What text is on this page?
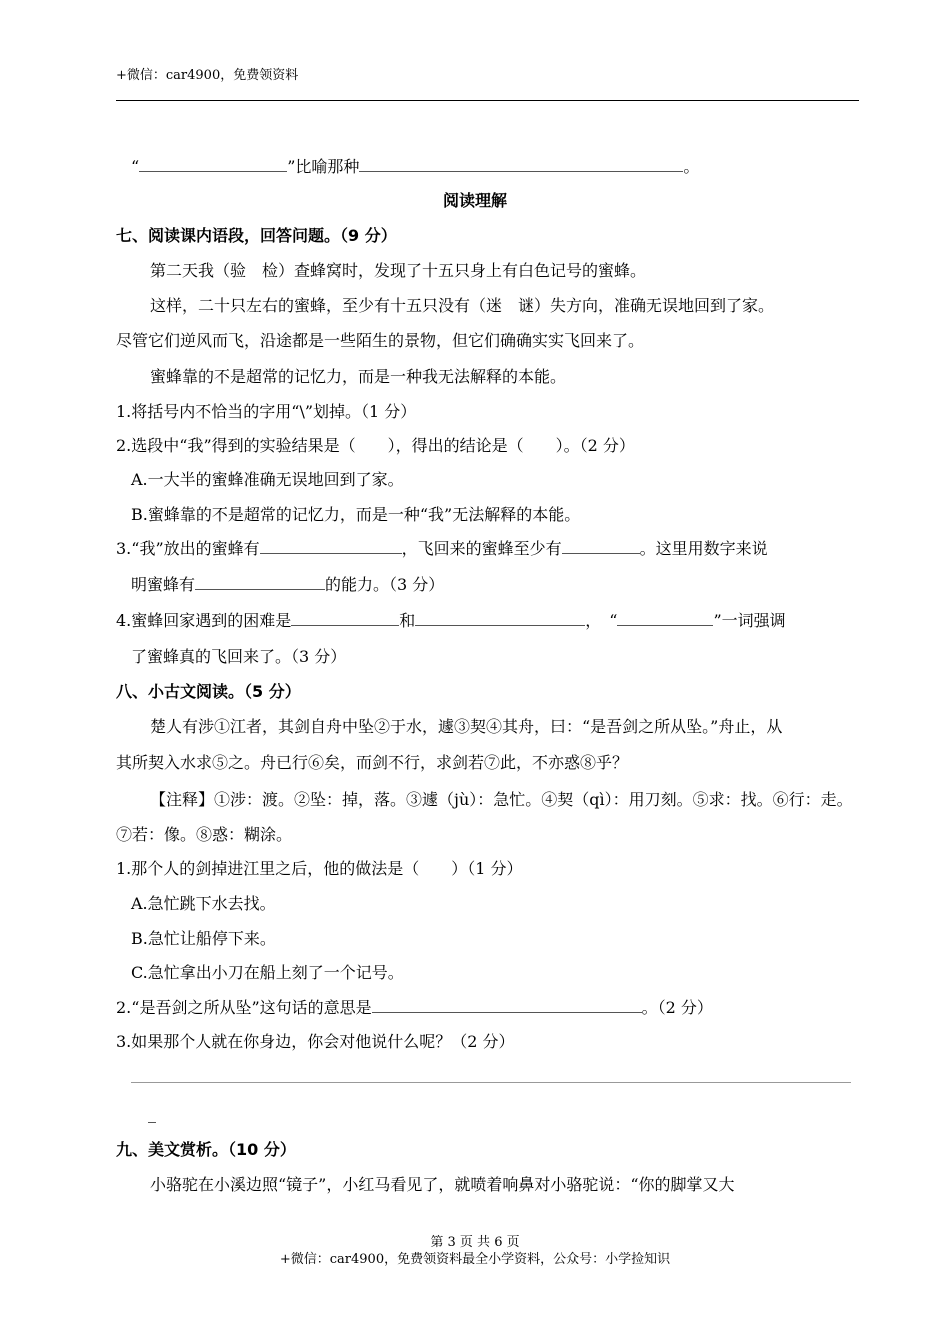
+微信：car4900，免费领资料
“	”比喻那种	。
阅读理解
七、阅读课内语段，回答问题。（9 分）
第二天我（验　检）查蜂窝时，发现了十五只身上有白色记号的蜜蜂。
这样，二十只左右的蜜蜂，至少有十五只没有（迷　谜）失方向，准确无误地回到了家。
尽管它们逆风而飞，沿途都是一些陌生的景物，但它们确确实实飞回来了。
蜜蜂靠的不是超常的记忆力，而是一种我无法解释的本能。
1.将括号内不恰当的字用“\”划掉。（1 分）
2.选段中“我”得到的实验结果是（　　），得出的结论是（　　）。（2 分）
A.一大半的蜜蜂准确无误地回到了家。
B.蜜蜂靠的不是超常的记忆力，而是一种“我”无法解释的本能。
3.“我”放出的蜜蜂有	，飞回来的蜜蜂至少有	。这里用数字来说
明蜜蜂有	的能力。（3 分）
4.蜜蜂回家遇到的困难是	和	，　“	”一词强调
了蜜蜂真的飞回来了。（3 分）
八、小古文阅读。（5 分）
楚人有涉①江者，其剑自舟中坠②于水，遽③契④其舟，曰：“是吾剑之所从坠。”舟止，从
其所契入水求⑤之。舟已行⑥矣，而剑不行，求剑若⑦此，不亦惑⑧乎？
【注释】①涉：渡。②坠：掉，落。③遽（jù）：急忙。④契（qì）：用刀刻。⑤求：找。⑥行：走。
⑦若：像。⑧惑：糊涂。
1.那个人的剑掉进江里之后，他的做法是（　　）（1 分）
A.急忙跳下水去找。
B.急忙让船停下来。
C.急忙拿出小刀在船上刻了一个记号。
2.“是吾剑之所从坠”这句话的意思是	。（2 分）
3.如果那个人就在你身边，你会对他说什么呢？（2 分）
九、美文赏析。（10 分）
小骆驼在小溪边照“镜子”，小红马看见了，就喷着响鼻对小骆驼说：“你的脚掌又大
第 3 页 共 6 页
+微信：car4900，免费领资料最全小学资料，公众号：小学捡知识
